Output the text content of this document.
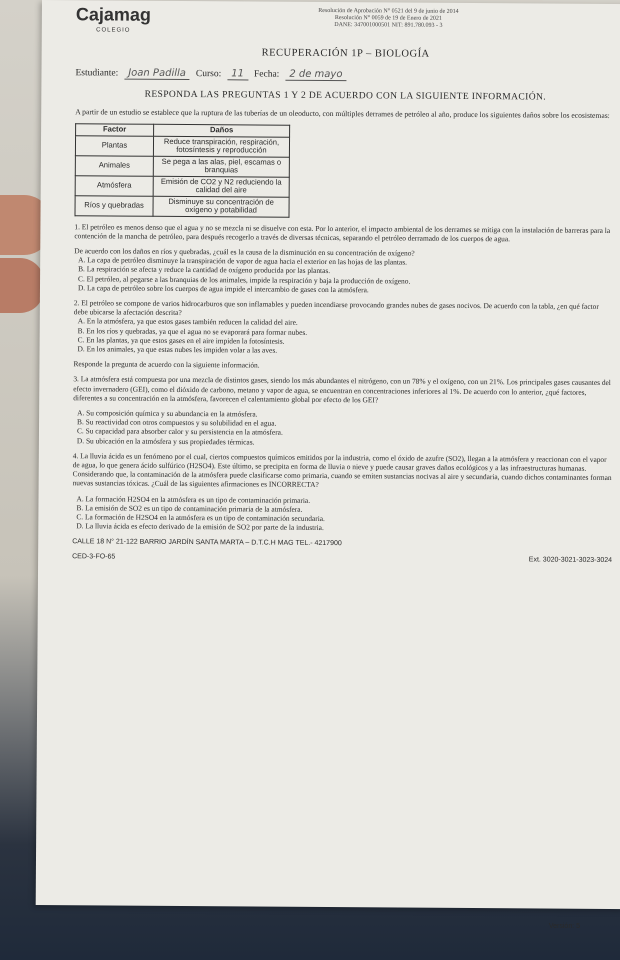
Cajamag
COLEGIO
Resolución de Aprobación N° 0521 del 9 de junio de 2014
Resolución N° 0059 de 19 de Enero de 2021
DANE: 347001000501 NIT: 891.780.093 - 3
RECUPERACIÓN 1P – BIOLOGÍA
Estudiante: Joan Padilla	Curso: 11	Fecha: 2 de mayo
RESPONDA LAS PREGUNTAS 1 Y 2 DE ACUERDO CON LA SIGUIENTE INFORMACIÓN.
A partir de un estudio se establece que la ruptura de las tuberías de un oleoducto, con múltiples derrames de petróleo al año, produce los siguientes daños sobre los ecosistemas:
Factor	Daños
Plantas	Reduce transpiración, respiración, fotosíntesis y reproducción
Animales	Se pega a las alas, piel, escamas o branquias
Atmósfera	Emisión de CO2 y N2 reduciendo la calidad del aire
Ríos y quebradas	Disminuye su concentración de oxígeno y potabilidad
1. El petróleo es menos denso que el agua y no se mezcla ni se disuelve con esta. Por lo anterior, el impacto ambiental de los derrames se mitiga con la instalación de barreras para la contención de la mancha de petróleo, para después recogerlo a través de diversas técnicas, separando el petróleo derramado de los cuerpos de agua.
De acuerdo con los daños en ríos y quebradas, ¿cuál es la causa de la disminución en su concentración de oxígeno?
A. La capa de petróleo disminuye la transpiración de vapor de agua hacia el exterior en las hojas de las plantas.
B. La respiración se afecta y reduce la cantidad de oxígeno producida por las plantas.
C. El petróleo, al pegarse a las branquias de los animales, impide la respiración y baja la producción de oxígeno.
D. La capa de petróleo sobre los cuerpos de agua impide el intercambio de gases con la atmósfera.
2. El petróleo se compone de varios hidrocarburos que son inflamables y pueden incendiarse provocando grandes nubes de gases nocivos. De acuerdo con la tabla, ¿en qué factor debe ubicarse la afectación descrita?
A. En la atmósfera, ya que estos gases también reducen la calidad del aire.
B. En los ríos y quebradas, ya que el agua no se evaporará para formar nubes.
C. En las plantas, ya que estos gases en el aire impiden la fotosíntesis.
D. En los animales, ya que estas nubes les impiden volar a las aves.
Responde la pregunta de acuerdo con la siguiente información.
3. La atmósfera está compuesta por una mezcla de distintos gases, siendo los más abundantes el nitrógeno, con un 78% y el oxígeno, con un 21%. Los principales gases causantes del efecto invernadero (GEI), como el dióxido de carbono, metano y vapor de agua, se encuentran en concentraciones inferiores al 1%. De acuerdo con lo anterior, ¿qué factores, diferentes a su concentración en la atmósfera, favorecen el calentamiento global por efecto de los GEI?
A. Su composición química y su abundancia en la atmósfera.
B. Su reactividad con otros compuestos y su solubilidad en el agua.
C. Su capacidad para absorber calor y su persistencia en la atmósfera.
D. Su ubicación en la atmósfera y sus propiedades térmicas.
4. La lluvia ácida es un fenómeno por el cual, ciertos compuestos químicos emitidos por la industria, como el óxido de azufre (SO2), llegan a la atmósfera y reaccionan con el vapor de agua, lo que genera ácido sulfúrico (H2SO4). Este último, se precipita en forma de lluvia o nieve y puede causar graves daños ecológicos y a las infraestructuras humanas. Considerando que, la contaminación de la atmósfera puede clasificarse como primaria, cuando se emiten sustancias nocivas al aire y secundaria, cuando dichos contaminantes forman nuevas sustancias tóxicas. ¿Cuál de las siguientes afirmaciones es INCORRECTA?
A. La formación H2SO4 en la atmósfera es un tipo de contaminación primaria.
B. La emisión de SO2 es un tipo de contaminación primaria de la atmósfera.
C. La formación de H2SO4 en la atmósfera es un tipo de contaminación secundaria.
D. La lluvia ácida es efecto derivado de la emisión de SO2 por parte de la industria.
CALLE 18 N° 21-122 BARRIO JARDÍN SANTA MARTA – D.T.C.H MAG TEL.- 4217900
CED-3-FO-65	Ext. 3020-3021-3023-3024
Versión: 5
